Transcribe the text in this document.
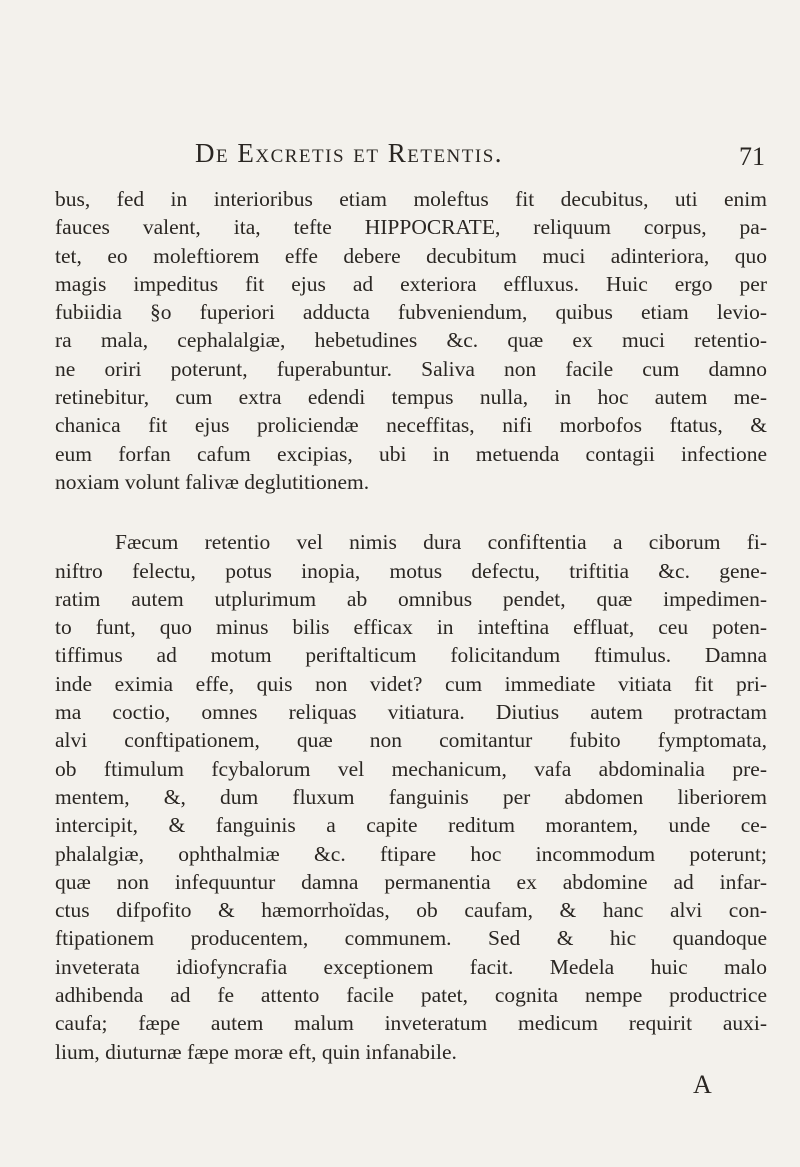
De Excretis et Retentis.	71
bus, fed in interioribus etiam moleftus fit decubitus, uti enim
fauces valent, ita, tefte HIPPOCRATE, reliquum corpus, pa-
tet, eo moleftiorem effe debere decubitum muci adinteriora, quo
magis impeditus fit ejus ad exteriora effluxus. Huic ergo per
fubiidia §o fuperiori adducta fubveniendum, quibus etiam levio-
ra mala, cephalalgiæ, hebetudines &c. quæ ex muci retentio-
ne oriri poterunt, fuperabuntur. Saliva non facile cum damno
retinebitur, cum extra edendi tempus nulla, in hoc autem me-
chanica fit ejus proliciendæ neceffitas, nifi morbofos ftatus, &
eum forfan cafum excipias, ubi in metuenda contagii infectione
noxiam volunt falivæ deglutitionem.
Fæcum retentio vel nimis dura confiftentia a ciborum fi-
niftro felectu, potus inopia, motus defectu, triftitia &c. gene-
ratim autem utplurimum ab omnibus pendet, quæ impedimen-
to funt, quo minus bilis efficax in inteftina effluat, ceu poten-
tiffimus ad motum periftalticum folicitandum ftimulus. Damna
inde eximia effe, quis non videt? cum immediate vitiata fit pri-
ma coctio, omnes reliquas vitiatura. Diutius autem protractam
alvi conftipationem, quæ non comitantur fubito fymptomata,
ob ftimulum fcybalorum vel mechanicum, vafa abdominalia pre-
mentem, &, dum fluxum fanguinis per abdomen liberiorem
intercipit, & fanguinis a capite reditum morantem, unde ce-
phalalgiæ, ophthalmiæ &c. ftipare hoc incommodum poterunt;
quæ non infequuntur damna permanentia ex abdomine ad infar-
ctus difpofito & hæmorrhoïdas, ob caufam, & hanc alvi con-
ftipationem producentem, communem. Sed & hic quandoque
inveterata idiofyncrafia exceptionem facit. Medela huic malo
adhibenda ad fe attento facile patet, cognita nempe productrice
caufa; fæpe autem malum inveteratum medicum requirit auxi-
lium, diuturnæ fæpe moræ eft, quin infanabile.
A
